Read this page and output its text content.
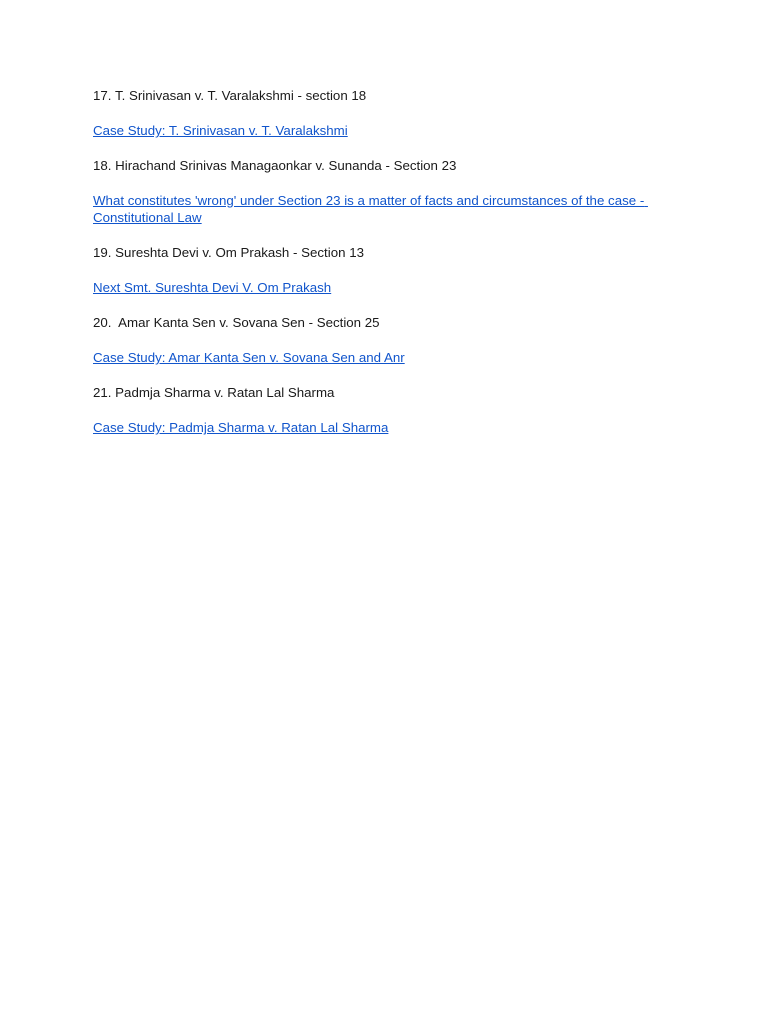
17. T. Srinivasan v. T. Varalakshmi - section 18

Case Study: T. Srinivasan v. T. Varalakshmi

18. Hirachand Srinivas Managaonkar v. Sunanda - Section 23

What constitutes 'wrong' under Section 23 is a matter of facts and circumstances of the case - Constitutional Law

19. Sureshta Devi v. Om Prakash - Section 13

Next Smt. Sureshta Devi V. Om Prakash

20.  Amar Kanta Sen v. Sovana Sen - Section 25

Case Study: Amar Kanta Sen v. Sovana Sen and Anr

21. Padmja Sharma v. Ratan Lal Sharma

Case Study: Padmja Sharma v. Ratan Lal Sharma
